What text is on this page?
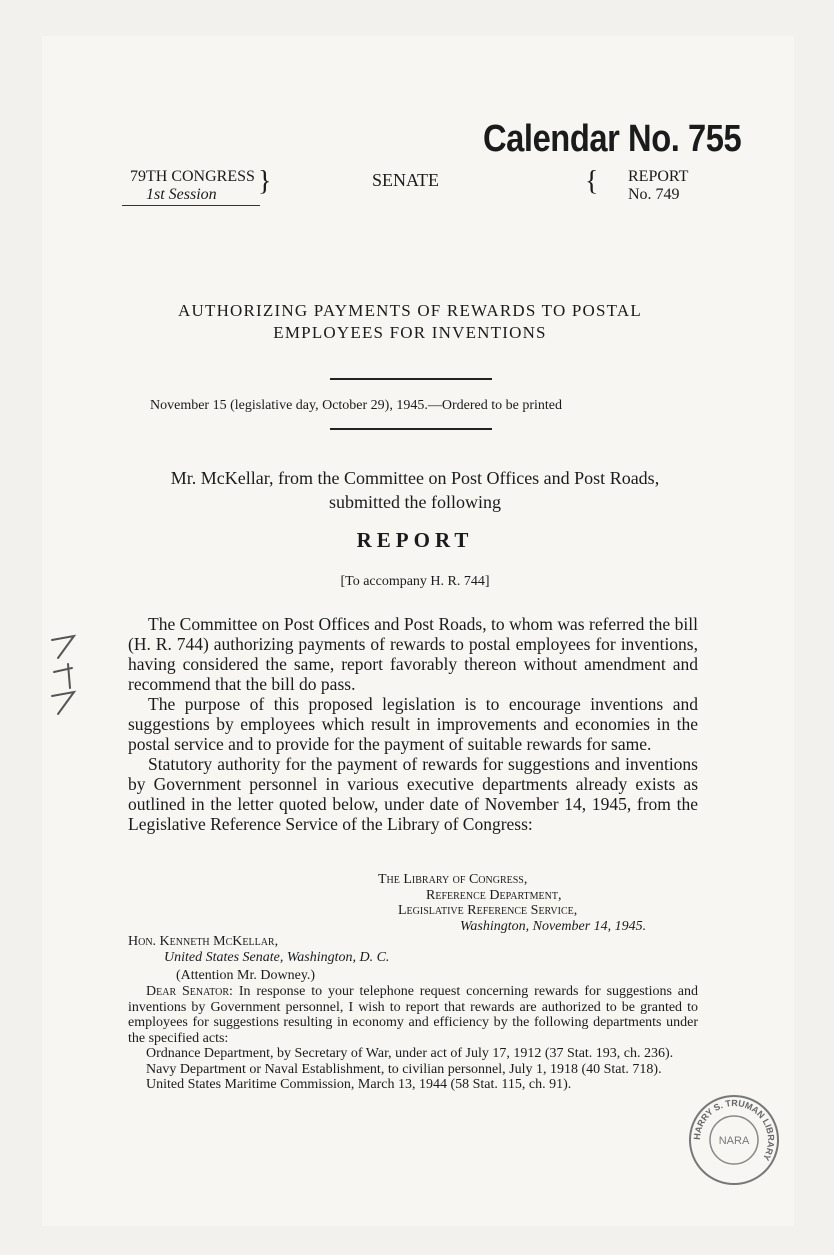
Calendar No. 755
79TH CONGRESS
1st Session }	SENATE	{ REPORT
No. 749
AUTHORIZING PAYMENTS OF REWARDS TO POSTAL
EMPLOYEES FOR INVENTIONS
November 15 (legislative day, October 29), 1945.—Ordered to be printed
Mr. McKellar, from the Committee on Post Offices and Post Roads,
submitted the following
REPORT
[To accompany H. R. 744]

The Committee on Post Offices and Post Roads, to whom was referred the bill (H. R. 744) authorizing payments of rewards to postal employees for inventions, having considered the same, report favorably thereon without amendment and recommend that the bill do pass.

The purpose of this proposed legislation is to encourage inventions and suggestions by employees which result in improvements and economies in the postal service and to provide for the payment of suitable rewards for same.

Statutory authority for the payment of rewards for suggestions and inventions by Government personnel in various executive departments already exists as outlined in the letter quoted below, under date of November 14, 1945, from the Legislative Reference Service of the Library of Congress:

The Library of Congress,
Reference Department,
Legislative Reference Service,
Washington, November 14, 1945.
Hon. Kenneth McKellar,
United States Senate, Washington, D. C.
(Attention Mr. Downey.)

Dear Senator: In response to your telephone request concerning rewards for suggestions and inventions by Government personnel, I wish to report that rewards are authorized to be granted to employees for suggestions resulting in economy and efficiency by the following departments under the specified acts:

Ordnance Department, by Secretary of War, under act of July 17, 1912 (37 Stat. 193, ch. 236).

Navy Department or Naval Establishment, to civilian personnel, July 1, 1918 (40 Stat. 718).

United States Maritime Commission, March 13, 1944 (58 Stat. 115, ch. 91).

HARRY S. TRUMAN LIBRARY
NARA
